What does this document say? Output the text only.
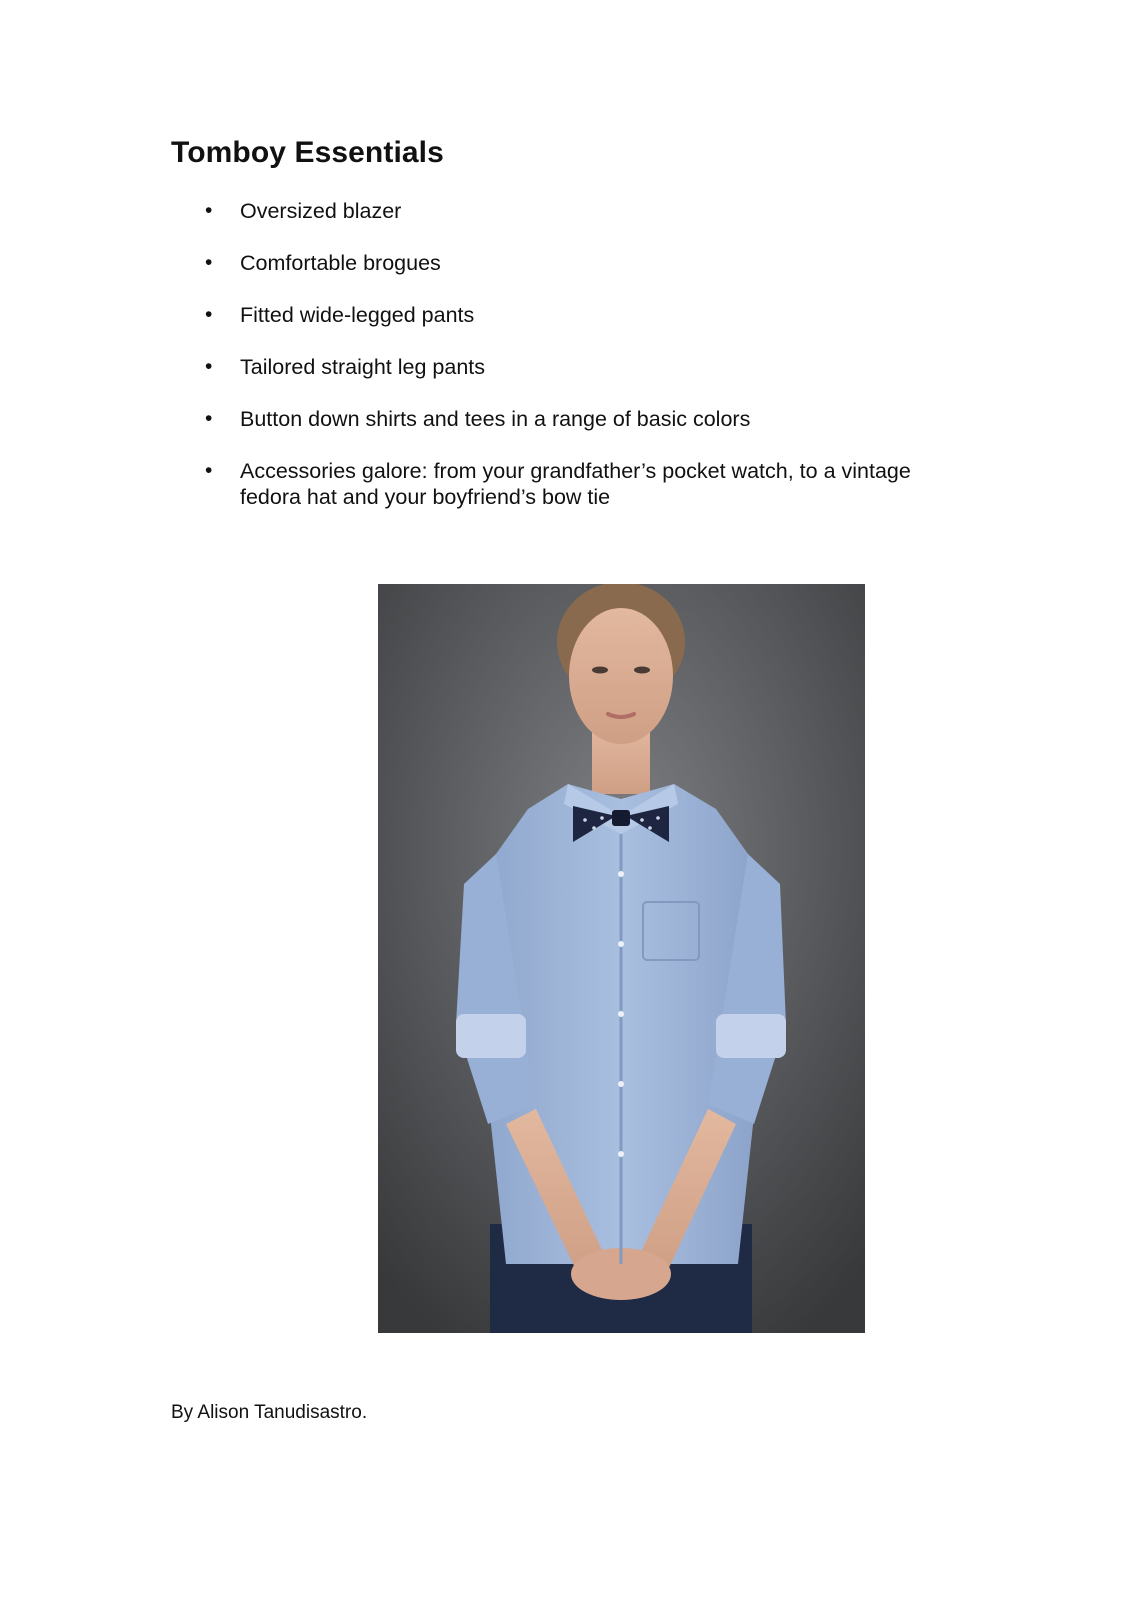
Tomboy Essentials
• Oversized blazer
• Comfortable brogues
• Fitted wide-legged pants
• Tailored straight leg pants
• Button down shirts and tees in a range of basic colors
• Accessories galore: from your grandfather’s pocket watch, to a vintage fedora hat and your boyfriend’s bow tie

By Alison Tanudisastro.
